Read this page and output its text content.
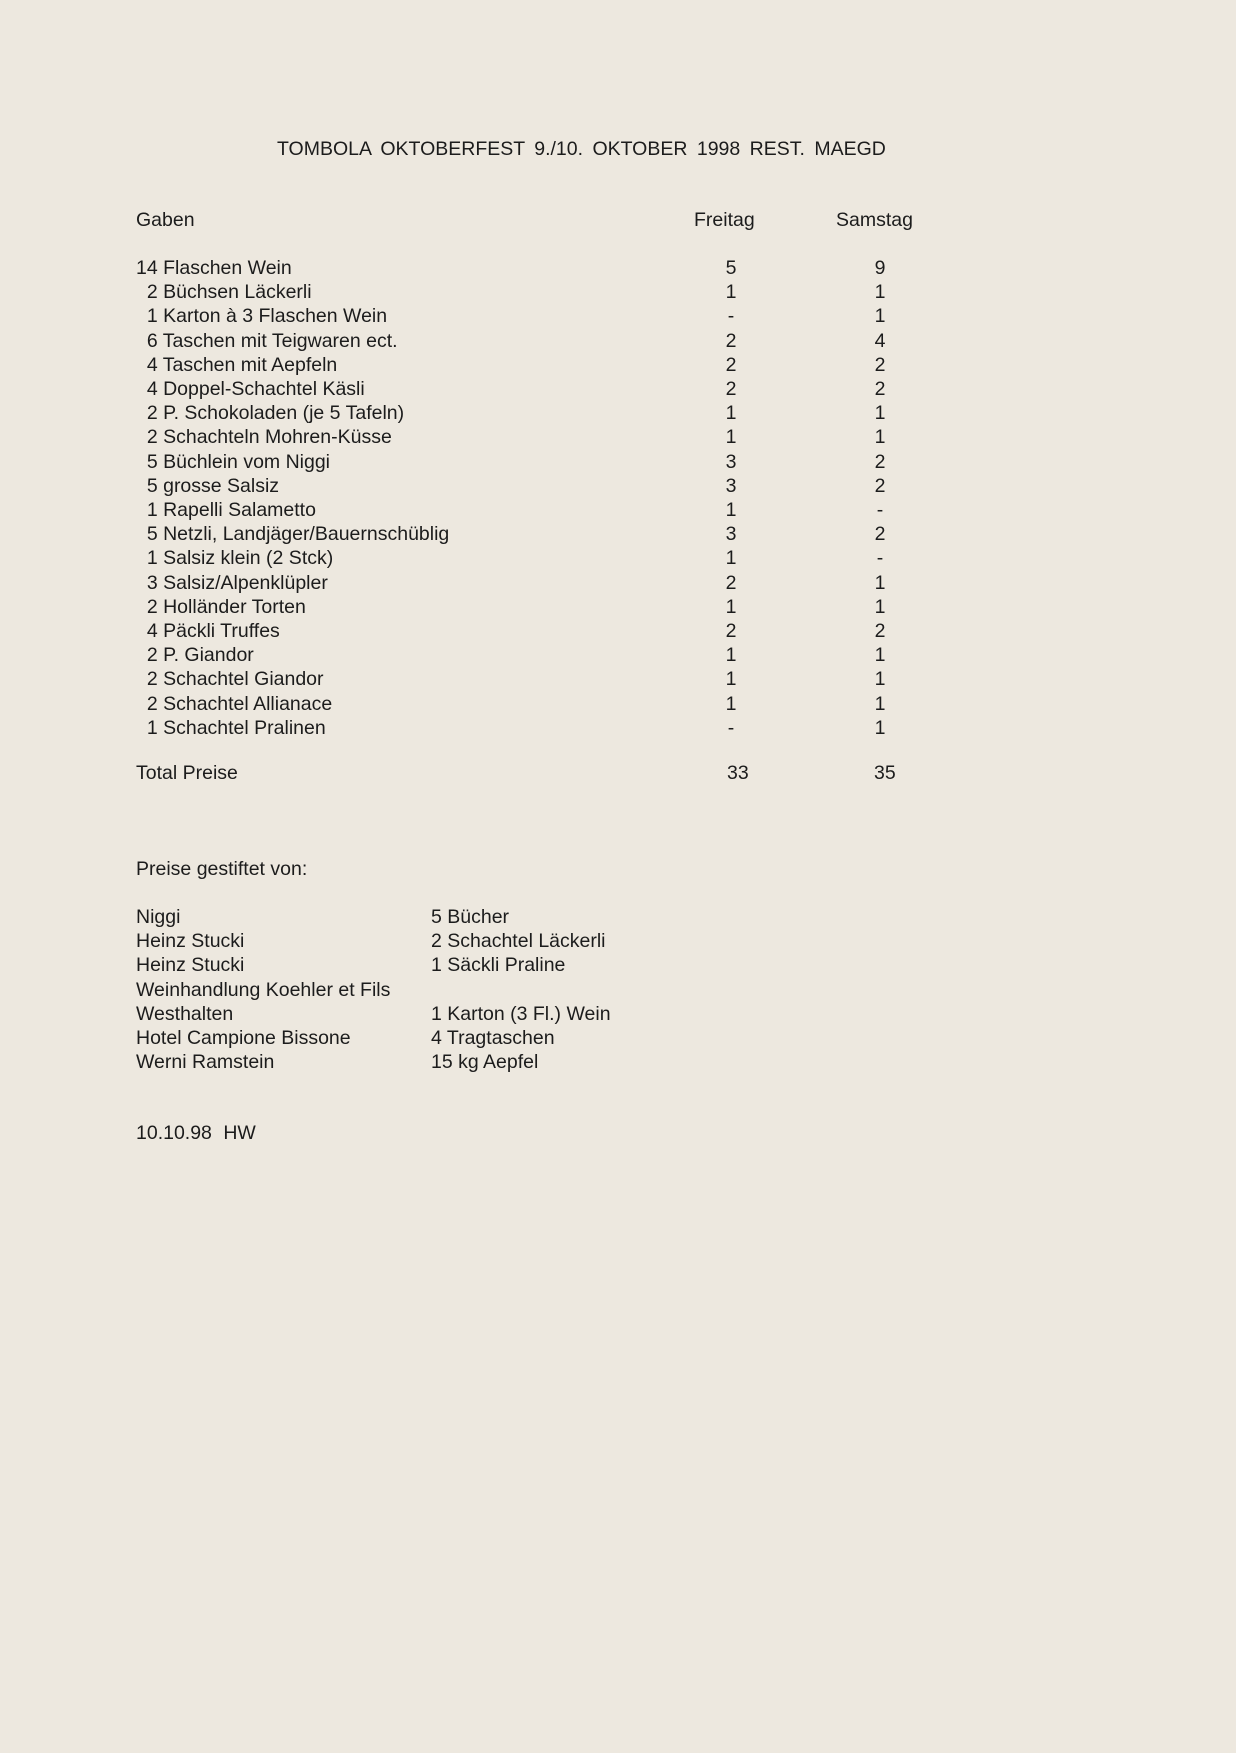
TOMBOLA OKTOBERFEST 9./10. OKTOBER 1998 REST. MAEGD
Gaben	Freitag	Samstag
14 Flaschen Wein	5	9
2 Büchsen Läckerli	1	1
1 Karton à 3 Flaschen Wein	-	1
6 Taschen mit Teigwaren ect.	2	4
4 Taschen mit Aepfeln	2	2
4 Doppel-Schachtel Käsli	2	2
2 P. Schokoladen (je 5 Tafeln)	1	1
2 Schachteln Mohren-Küsse	1	1
5 Büchlein vom Niggi	3	2
5 grosse Salsiz	3	2
1 Rapelli Salametto	1	-
5 Netzli, Landjäger/Bauernschüblig	3	2
1 Salsiz klein (2 Stck)	1	-
3 Salsiz/Alpenklüpler	2	1
2 Holländer Torten	1	1
4 Päckli Truffes	2	2
2 P. Giandor	1	1
2 Schachtel Giandor	1	1
2 Schachtel Allianace	1	1
1 Schachtel Pralinen	-	1
Total Preise	33	35
Preise gestiftet von:
Niggi	5 Bücher
Heinz Stucki	2 Schachtel Läckerli
Heinz Stucki	1 Säckli Praline
Weinhandlung Koehler et Fils
Westhalten	1 Karton (3 Fl.) Wein
Hotel Campione Bissone	4 Tragtaschen
Werni Ramstein	15 kg Aepfel
10.10.98 HW
